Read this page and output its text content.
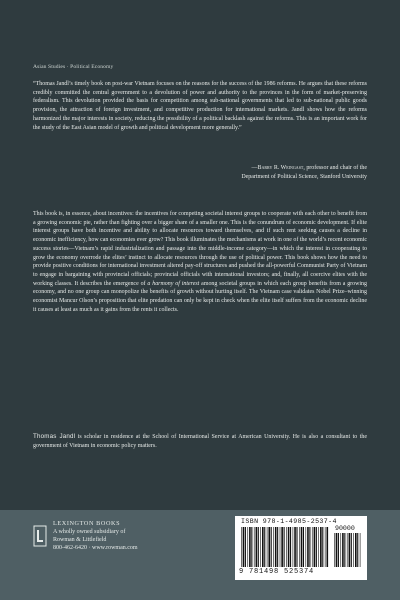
Asian Studies · Political Economy
“Thomas Jandl’s timely book on post-war Vietnam focuses on the reasons for the success of the 1986 reforms. He argues that these reforms credibly committed the central government to a devolution of power and authority to the provinces in the form of market-preserving federalism. This devolution provided the basis for competition among sub-national governments that led to sub-national public goods provision, the attraction of foreign investment, and competitive production for international markets. Jandl shows how the reforms harmonized the major interests in society, reducing the possibility of a political backlash against the reforms. This is an important work for the study of the East Asian model of growth and political development more generally.”
—Barry R. Weingast, professor and chair of the
Department of Political Science, Stanford University
This book is, in essence, about incentives: the incentives for competing societal interest groups to cooperate with each other to benefit from a growing economic pie, rather than fighting over a bigger share of a smaller one. This is the conundrum of economic development. If elite interest groups have both incentive and ability to allocate resources toward themselves, and if such rent seeking causes a decline in economic inefficiency, how can economies ever grow? This book illuminates the mechanisms at work in one of the world’s recent economic success stories—Vietnam’s rapid industrialization and passage into the middle-income category—in which the interest in cooperating to grow the economy overrode the elites’ instinct to allocate resources through the use of political power. This book shows how the need to provide positive conditions for international investment altered pay-off structures and pushed the all-powerful Communist Party of Vietnam to engage in bargaining with provincial officials; provincial officials with international investors; and, finally, all coercive elites with the working classes. It describes the emergence of a harmony of interest among societal groups in which each group benefits from a growing economy, and no one group can monopolize the benefits of growth without hurting itself. The Vietnam case validates Nobel Prize–winning economist Mancur Olson’s proposition that elite predation can only be kept in check when the elite itself suffers from the economic decline it causes at least as much as it gains from the rents it collects.
Thomas Jandl is scholar in residence at the School of International Service at American University. He is also a consultant to the government of Vietnam in economic policy matters.
LEXINGTON BOOKS
A wholly owned subsidiary of
Rowman & Littlefield
800-462-6420 · www.rowman.com
ISBN 978-1-4985-2537-4
90000
9 781498 525374
